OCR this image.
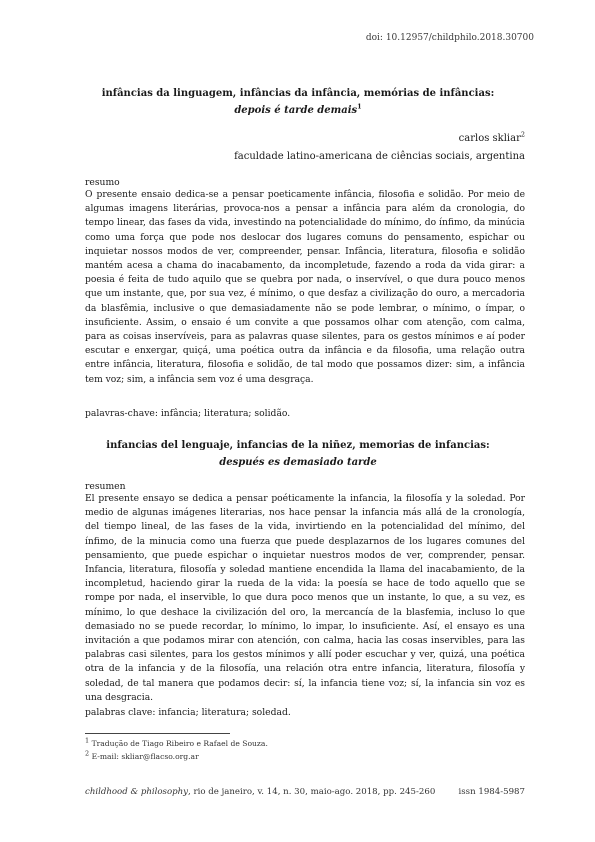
doi: 10.12957/childphilo.2018.30700
infâncias da linguagem, infâncias da infância, memórias de infâncias: depois é tarde demais$^1$
carlos skliar$^2$
faculdade latino-americana de ciências sociais, argentina
resumo

O presente ensaio dedica-se a pensar poeticamente infância, filosofia e solidão. Por meio de algumas imagens literárias, provoca-nos a pensar a infância para além da cronologia, do tempo linear, das fases da vida, investindo na potencialidade do mínimo, do ínfimo, da minúcia como uma força que pode nos deslocar dos lugares comuns do pensamento, espichar ou inquietar nossos modos de ver, compreender, pensar. Infância, literatura, filosofia e solidão mantém acesa a chama do inacabamento, da incompletude, fazendo a roda da vida girar: a poesia é feita de tudo aquilo que se quebra por nada, o inservível, o que dura pouco menos que um instante, que, por sua vez, é mínimo, o que desfaz a civilização do ouro, a mercadoria da blasfêmia, inclusive o que demasiadamente não se pode lembrar, o mínimo, o ímpar, o insuficiente. Assim, o ensaio é um convite a que possamos olhar com atenção, com calma, para as coisas inservíveis, para as palavras quase silentes, para os gestos mínimos e aí poder escutar e enxergar, quiçá, uma poética outra da infância e da filosofia, uma relação outra entre infância, literatura, filosofia e solidão, de tal modo que possamos dizer: sim, a infância tem voz; sim, a infância sem voz é uma desgraça.

palavras-chave: infância; literatura; solidão.
infancias del lenguaje, infancias de la niñez, memorias de infancias: después es demasiado tarde
resumen

El presente ensayo se dedica a pensar poéticamente la infancia, la filosofía y la soledad. Por medio de algunas imágenes literarias, nos hace pensar la infancia más allá de la cronología, del tiempo lineal, de las fases de la vida, invirtiendo en la potencialidad del mínimo, del ínfimo, de la minucia como una fuerza que puede desplazarnos de los lugares comunes del pensamiento, que puede espichar o inquietar nuestros modos de ver, comprender, pensar. Infancia, literatura, filosofía y soledad mantiene encendida la llama del inacabamiento, de la incompletud, haciendo girar la rueda de la vida: la poesía se hace de todo aquello que se rompe por nada, el inservible, lo que dura poco menos que un instante, lo que, a su vez, es mínimo, lo que deshace la civilización del oro, la mercancía de la blasfemia, incluso lo que demasiado no se puede recordar, lo mínimo, lo impar, lo insuficiente. Así, el ensayo es una invitación a que podamos mirar con atención, con calma, hacia las cosas inservibles, para las palabras casi silentes, para los gestos mínimos y allí poder escuchar y ver, quizá, una poética otra de la infancia y de la filosofía, una relación otra entre infancia, literatura, filosofía y soledad, de tal manera que podamos decir: sí, la infancia tiene voz; sí, la infancia sin voz es una desgracia.

palabras clave: infancia; literatura; soledad.
$^1$ Tradução de Tiago Ribeiro e Rafael de Souza.
$^2$ E-mail: skliar@flacso.org.ar
childhood & philosophy, rio de janeiro, v. 14, n. 30, maio-ago. 2018, pp. 245-260	issn 1984-5987
